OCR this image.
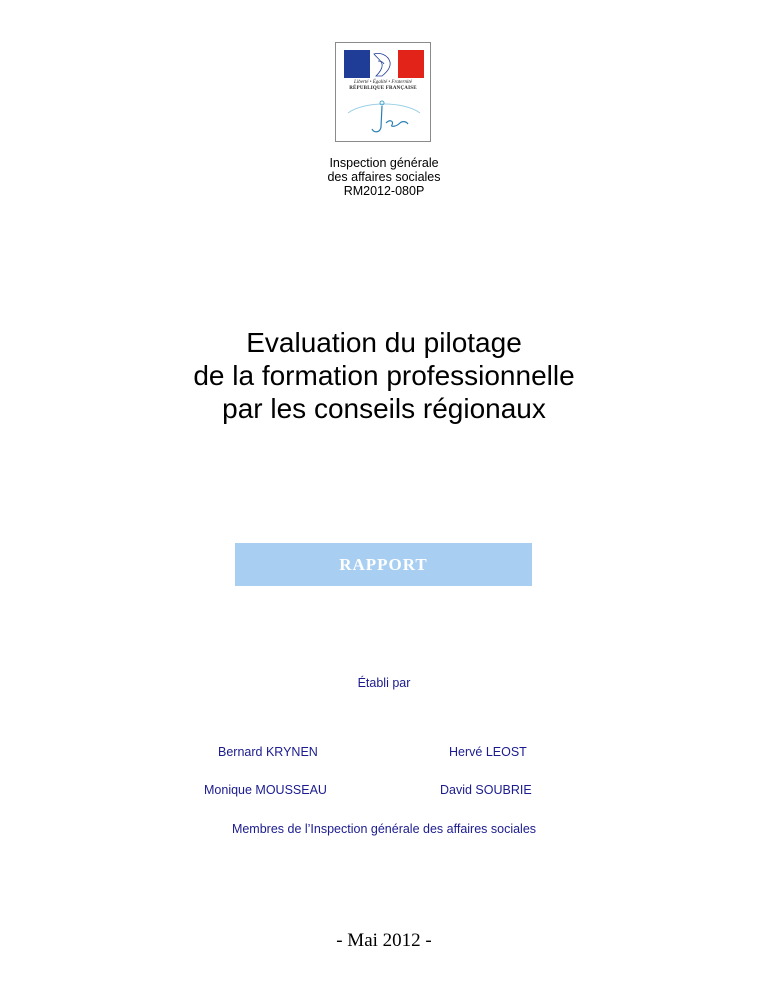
Liberté • Égalité • Fraternité
RÉPUBLIQUE FRANÇAISE
Inspection générale
des affaires sociales
RM2012-080P
Evaluation du pilotage
de la formation professionnelle
par les conseils régionaux
RAPPORT
Établi par
Bernard KRYNEN	Hervé LEOST
Monique MOUSSEAU	David SOUBRIE
Membres de l’Inspection générale des affaires sociales
- Mai 2012 -
